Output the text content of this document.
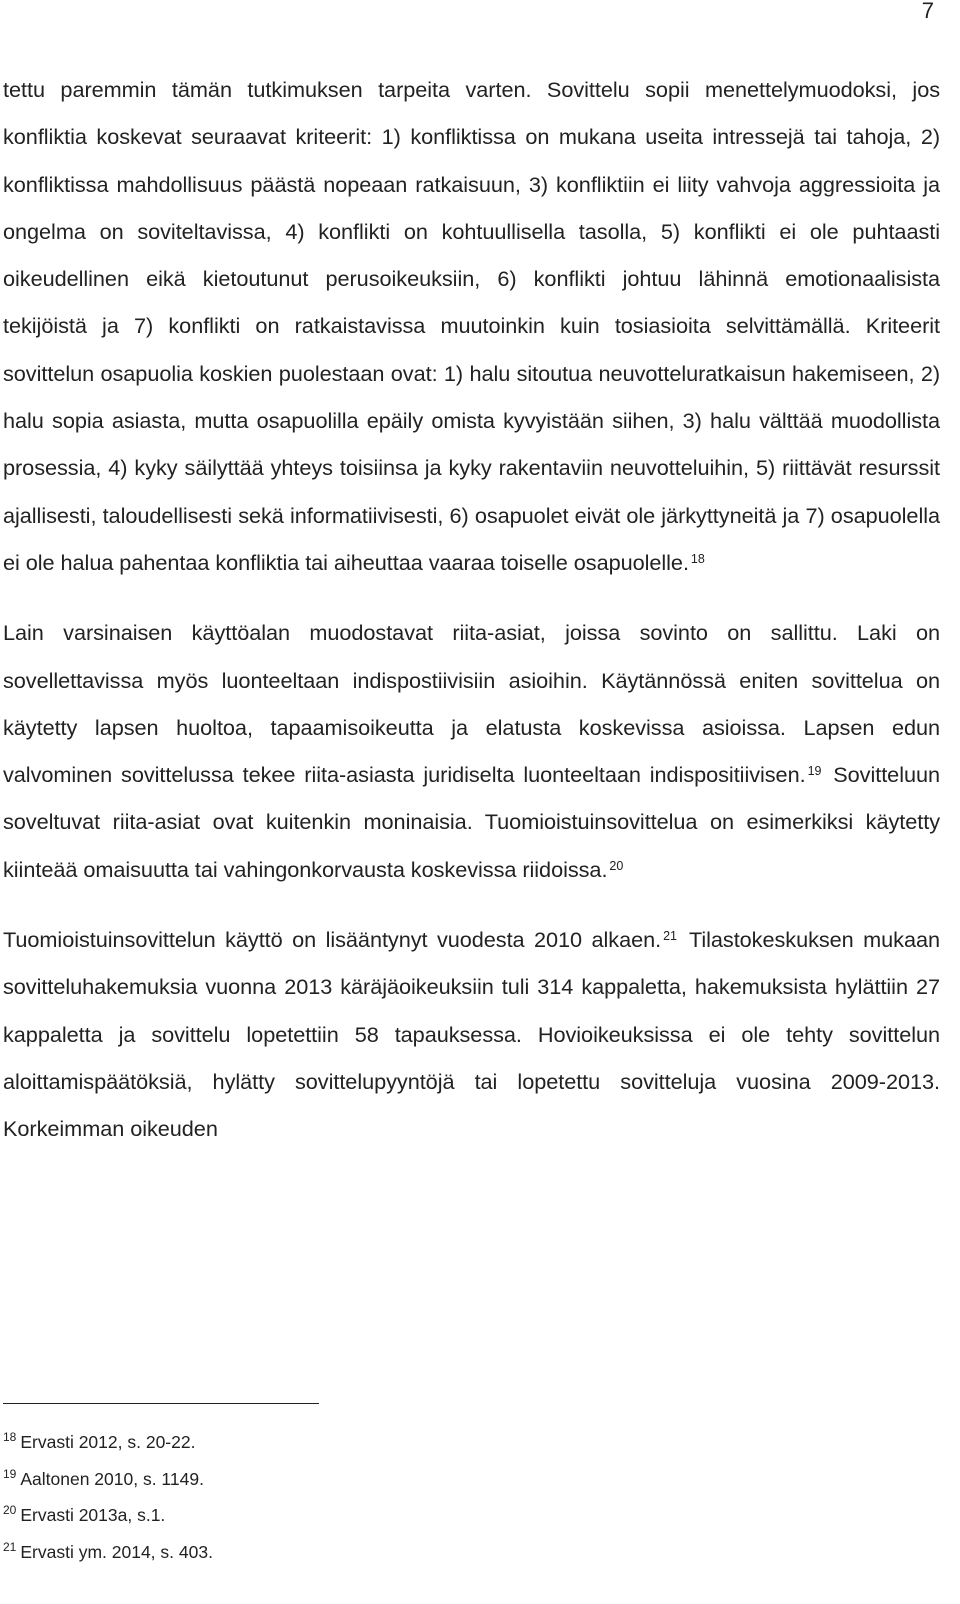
7

tettu paremmin tämän tutkimuksen tarpeita varten. Sovittelu sopii menettelymuodoksi, jos konfliktia koskevat seuraavat kriteerit: 1) konfliktissa on mukana useita intressejä tai tahoja, 2) konfliktissa mahdollisuus päästä nopeaan ratkaisuun, 3) konfliktiin ei liity vahvoja aggressioita ja ongelma on soviteltavissa, 4) konflikti on kohtuullisella tasolla, 5) konflikti ei ole puhtaasti oikeudellinen eikä kietoutunut perusoikeuksiin, 6) konflikti johtuu lähinnä emotionaalisista tekijöistä ja 7) konflikti on ratkaistavissa muutoinkin kuin tosiasioita selvittämällä. Kriteerit sovittelun osapuolia koskien puolestaan ovat: 1) halu sitoutua neuvotteluratkaisun hakemiseen, 2) halu sopia asiasta, mutta osapuolilla epäily omista kyvyistään siihen, 3) halu välttää muodollista prosessia, 4) kyky säilyttää yhteys toisiinsa ja kyky rakentaviin neuvotteluihin, 5) riittävät resurssit ajallisesti, taloudellisesti sekä informatiivisesti, 6) osapuolet eivät ole järkyttyneitä ja 7) osapuolella ei ole halua pahentaa konfliktia tai aiheuttaa vaaraa toiselle osapuolelle. $^{18}$

Lain varsinaisen käyttöalan muodostavat riita-asiat, joissa sovinto on sallittu. Laki on sovellettavissa myös luonteeltaan indispostiivisiin asioihin. Käytännössä eniten sovittelua on käytetty lapsen huoltoa, tapaamisoikeutta ja elatusta koskevissa asioissa. Lapsen edun valvominen sovittelussa tekee riita-asiasta juridiselta luonteeltaan indispositiivisen. $^{19}$ Sovitteluun soveltuvat riita-asiat ovat kuitenkin moninaisia. Tuomioistuinsovittelua on esimerkiksi käytetty kiinteää omaisuutta tai vahingonkorvausta koskevissa riidoissa. $^{20}$

Tuomioistuinsovittelun käyttö on lisääntynyt vuodesta 2010 alkaen. $^{21}$ Tilastokeskuksen mukaan sovitteluhakemuksia vuonna 2013 käräjäoikeuksiin tuli 314 kappaletta, hakemuksista hylättiin 27 kappaletta ja sovittelu lopetettiin 58 tapauksessa. Hovioikeuksissa ei ole tehty sovittelun aloittamispäätöksiä, hylätty sovittelupyyntöjä tai lopetettu sovitteluja vuosina 2009-2013. Korkeimman oikeuden

$^{18}$ Ervasti 2012, s. 20-22.
$^{19}$ Aaltonen 2010, s. 1149.
$^{20}$ Ervasti 2013a, s.1.
$^{21}$ Ervasti ym. 2014, s. 403.
